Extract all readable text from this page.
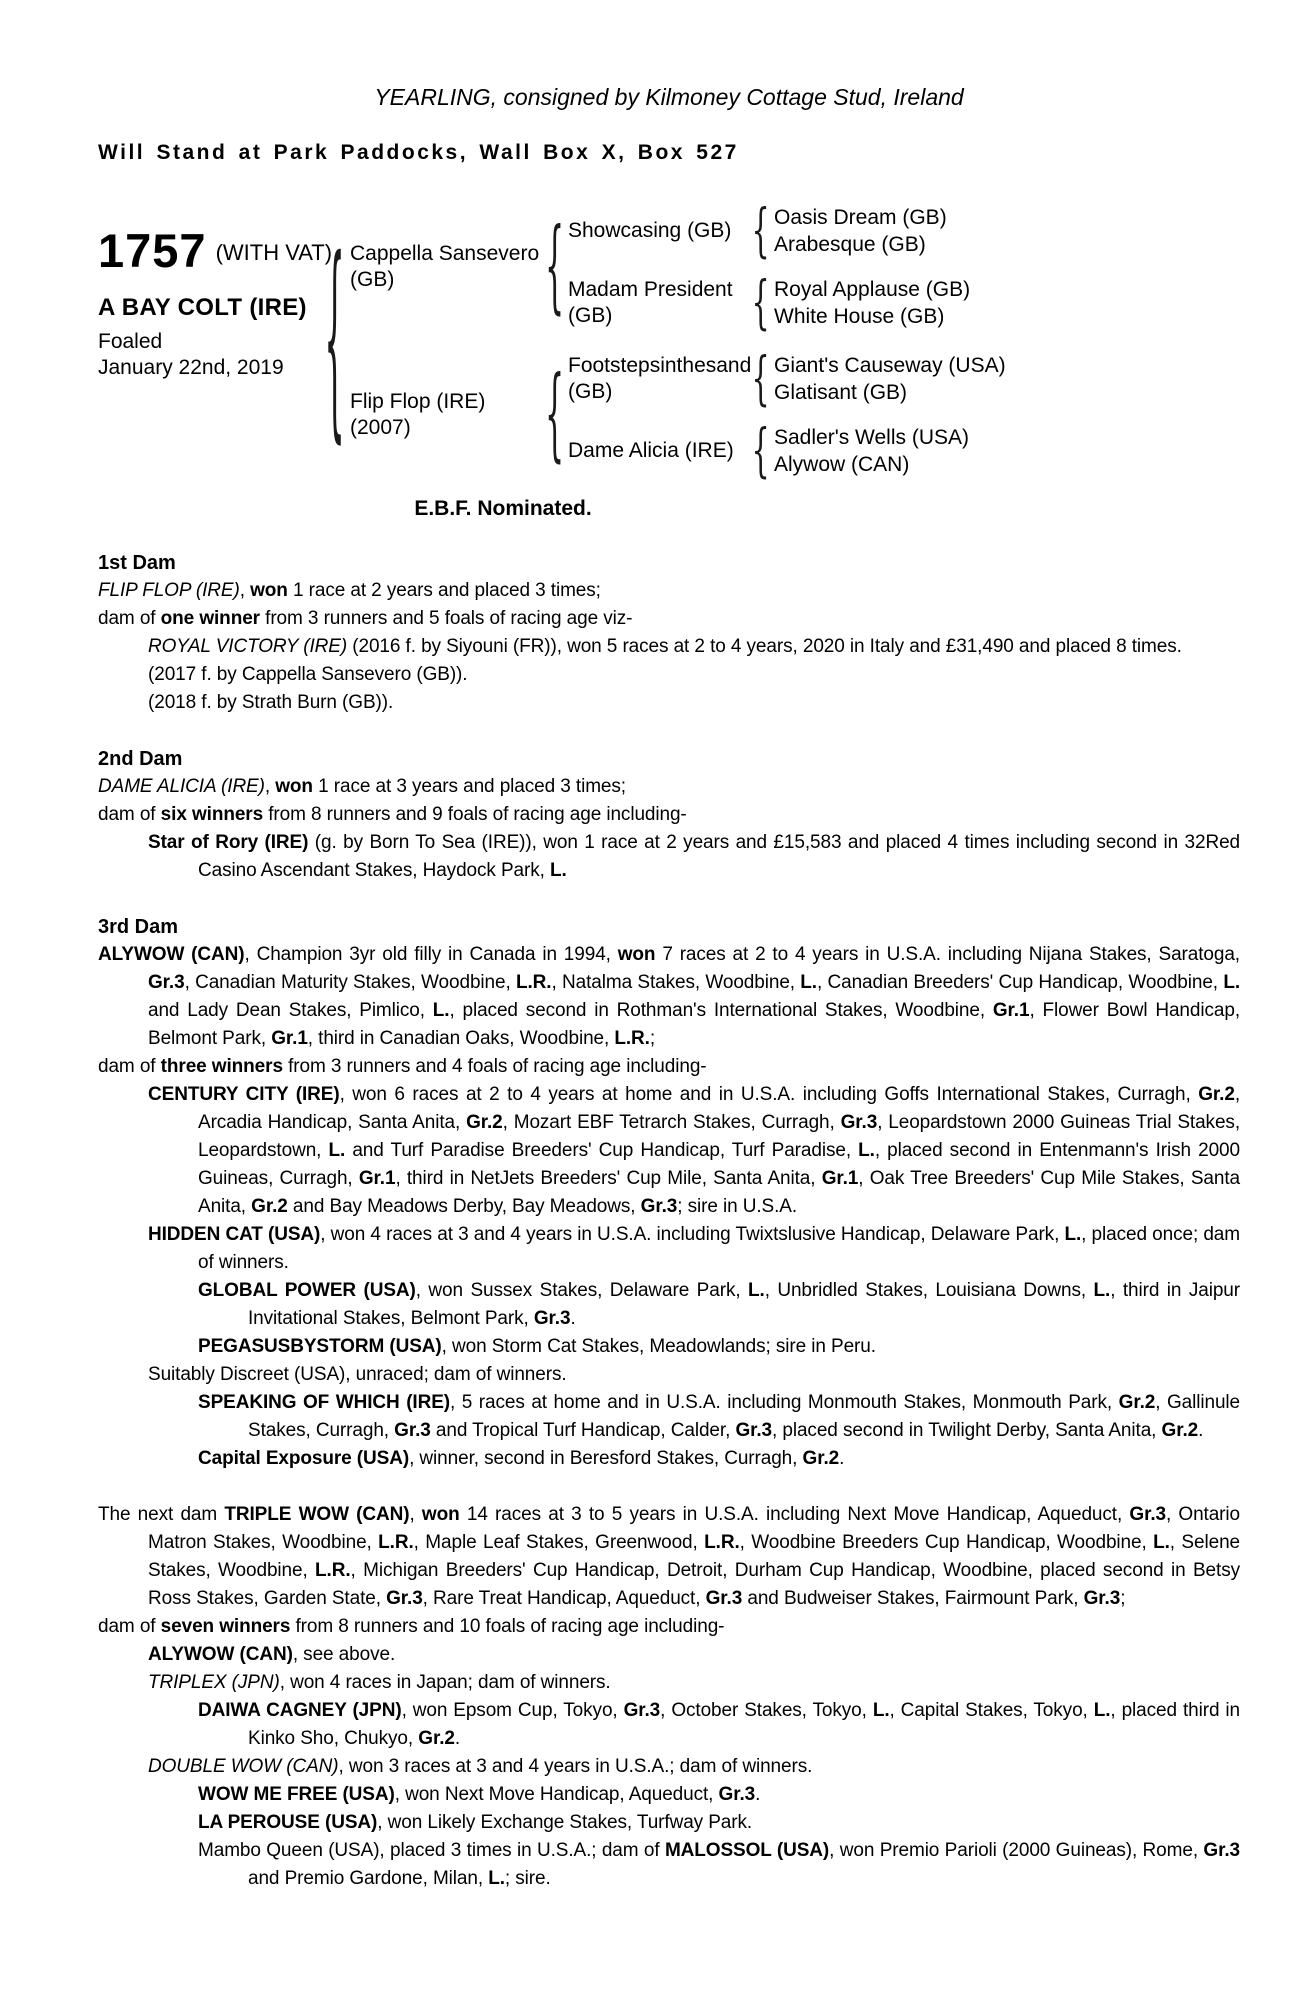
YEARLING, consigned by Kilmoney Cottage Stud, Ireland
Will Stand at Park Paddocks, Wall Box X, Box 527
1757 (WITH VAT)
A BAY COLT (IRE)
Foaled
January 22nd, 2019
{
Cappella Sansevero
(GB)
{
Showcasing (GB)
{
Oasis Dream (GB)
Arabesque (GB)
Madam President
(GB)
{
Royal Applause (GB)
White House (GB)
Flip Flop (IRE)
(2007)
{
Footstepsinthesand
(GB)
{
Giant's Causeway (USA)
Glatisant (GB)
Dame Alicia (IRE)
{
Sadler's Wells (USA)
Alywow (CAN)
E.B.F. Nominated.
1st Dam
FLIP FLOP (IRE), won 1 race at 2 years and placed 3 times;
dam of one winner from 3 runners and 5 foals of racing age viz-
ROYAL VICTORY (IRE) (2016 f. by Siyouni (FR)), won 5 races at 2 to 4 years, 2020 in Italy and £31,490 and placed 8 times.
(2017 f. by Cappella Sansevero (GB)).
(2018 f. by Strath Burn (GB)).
2nd Dam
DAME ALICIA (IRE), won 1 race at 3 years and placed 3 times;
dam of six winners from 8 runners and 9 foals of racing age including-
Star of Rory (IRE) (g. by Born To Sea (IRE)), won 1 race at 2 years and £15,583 and placed 4 times including second in 32Red Casino Ascendant Stakes, Haydock Park, L.
3rd Dam
ALYWOW (CAN), Champion 3yr old filly in Canada in 1994, won 7 races at 2 to 4 years in U.S.A. including Nijana Stakes, Saratoga, Gr.3, Canadian Maturity Stakes, Woodbine, L.R., Natalma Stakes, Woodbine, L., Canadian Breeders' Cup Handicap, Woodbine, L. and Lady Dean Stakes, Pimlico, L., placed second in Rothman's International Stakes, Woodbine, Gr.1, Flower Bowl Handicap, Belmont Park, Gr.1, third in Canadian Oaks, Woodbine, L.R.;
dam of three winners from 3 runners and 4 foals of racing age including-
CENTURY CITY (IRE), won 6 races at 2 to 4 years at home and in U.S.A. including Goffs International Stakes, Curragh, Gr.2, Arcadia Handicap, Santa Anita, Gr.2, Mozart EBF Tetrarch Stakes, Curragh, Gr.3, Leopardstown 2000 Guineas Trial Stakes, Leopardstown, L. and Turf Paradise Breeders' Cup Handicap, Turf Paradise, L., placed second in Entenmann's Irish 2000 Guineas, Curragh, Gr.1, third in NetJets Breeders' Cup Mile, Santa Anita, Gr.1, Oak Tree Breeders' Cup Mile Stakes, Santa Anita, Gr.2 and Bay Meadows Derby, Bay Meadows, Gr.3; sire in U.S.A.
HIDDEN CAT (USA), won 4 races at 3 and 4 years in U.S.A. including Twixtslusive Handicap, Delaware Park, L., placed once; dam of winners.
GLOBAL POWER (USA), won Sussex Stakes, Delaware Park, L., Unbridled Stakes, Louisiana Downs, L., third in Jaipur Invitational Stakes, Belmont Park, Gr.3.
PEGASUSBYSTORM (USA), won Storm Cat Stakes, Meadowlands; sire in Peru.
Suitably Discreet (USA), unraced; dam of winners.
SPEAKING OF WHICH (IRE), 5 races at home and in U.S.A. including Monmouth Stakes, Monmouth Park, Gr.2, Gallinule Stakes, Curragh, Gr.3 and Tropical Turf Handicap, Calder, Gr.3, placed second in Twilight Derby, Santa Anita, Gr.2.
Capital Exposure (USA), winner, second in Beresford Stakes, Curragh, Gr.2.
The next dam TRIPLE WOW (CAN), won 14 races at 3 to 5 years in U.S.A. including Next Move Handicap, Aqueduct, Gr.3, Ontario Matron Stakes, Woodbine, L.R., Maple Leaf Stakes, Greenwood, L.R., Woodbine Breeders Cup Handicap, Woodbine, L., Selene Stakes, Woodbine, L.R., Michigan Breeders' Cup Handicap, Detroit, Durham Cup Handicap, Woodbine, placed second in Betsy Ross Stakes, Garden State, Gr.3, Rare Treat Handicap, Aqueduct, Gr.3 and Budweiser Stakes, Fairmount Park, Gr.3;
dam of seven winners from 8 runners and 10 foals of racing age including-
ALYWOW (CAN), see above.
TRIPLEX (JPN), won 4 races in Japan; dam of winners.
DAIWA CAGNEY (JPN), won Epsom Cup, Tokyo, Gr.3, October Stakes, Tokyo, L., Capital Stakes, Tokyo, L., placed third in Kinko Sho, Chukyo, Gr.2.
DOUBLE WOW (CAN), won 3 races at 3 and 4 years in U.S.A.; dam of winners.
WOW ME FREE (USA), won Next Move Handicap, Aqueduct, Gr.3.
LA PEROUSE (USA), won Likely Exchange Stakes, Turfway Park.
Mambo Queen (USA), placed 3 times in U.S.A.; dam of MALOSSOL (USA), won Premio Parioli (2000 Guineas), Rome, Gr.3 and Premio Gardone, Milan, L.; sire.
